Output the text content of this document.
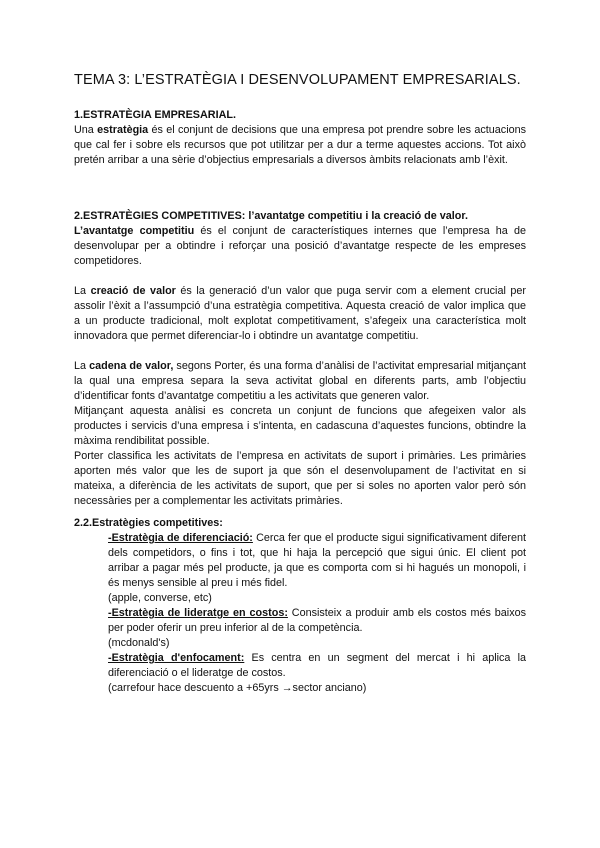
TEMA 3: L’ESTRATÈGIA I DESENVOLUPAMENT EMPRESARIALS.
1.ESTRATÈGIA EMPRESARIAL.

Una estratègia és el conjunt de decisions que una empresa pot prendre sobre les actuacions que cal fer i sobre els recursos que pot utilitzar per a dur a terme aquestes accions. Tot això pretén arribar a una sèrie d’objectius empresarials a diversos àmbits relacionats amb l’èxit.

2.ESTRATÈGIES COMPETITIVES: l’avantatge competitiu i la creació de valor.

L’avantatge competitiu és el conjunt de característiques internes que l’empresa ha de desenvolupar per a obtindre i reforçar una posició d’avantatge respecte de les empreses competidores.

La creació de valor és la generació d’un valor que puga servir com a element crucial per assolir l’èxit a l’assumpció d’una estratègia competitiva. Aquesta creació de valor implica que a un producte tradicional, molt explotat competitivament, s’afegeix una característica molt innovadora que permet diferenciar-lo i obtindre un avantatge competitiu.

La cadena de valor, segons Porter, és una forma d’anàlisi de l’activitat empresarial mitjançant la qual una empresa separa la seva activitat global en diferents parts, amb l’objectiu d’identificar fonts d’avantatge competitiu a les activitats que generen valor.

Mitjançant aquesta anàlisi es concreta un conjunt de funcions que afegeixen valor als productes i servicis d’una empresa i s’intenta, en cadascuna d’aquestes funcions, obtindre la màxima rendibilitat possible.

Porter classifica les activitats de l’empresa en activitats de suport i primàries. Les primàries aporten més valor que les de suport ja que són el desenvolupament de l’activitat en si mateixa, a diferència de les activitats de suport, que per si soles no aporten valor però són necessàries per a complementar les activitats primàries.

2.2.Estratègies competitives:

-Estratègia de diferenciació: Cerca fer que el producte sigui significativament diferent dels competidors, o fins i tot, que hi haja la percepció que sigui únic. El client pot arribar a pagar més pel producte, ja que es comporta com si hi hagués un monopoli, i és menys sensible al preu i més fidel.

(apple, converse, etc)

-Estratègia de lideratge en costos: Consisteix a produir amb els costos més baixos per poder oferir un preu inferior al de la competència.

(mcdonald's)

-Estratègia d'enfocament: Es centra en un segment del mercat i hi aplica la diferenciació o el lideratge de costos.

(carrefour hace descuento a +65yrs →sector anciano)
